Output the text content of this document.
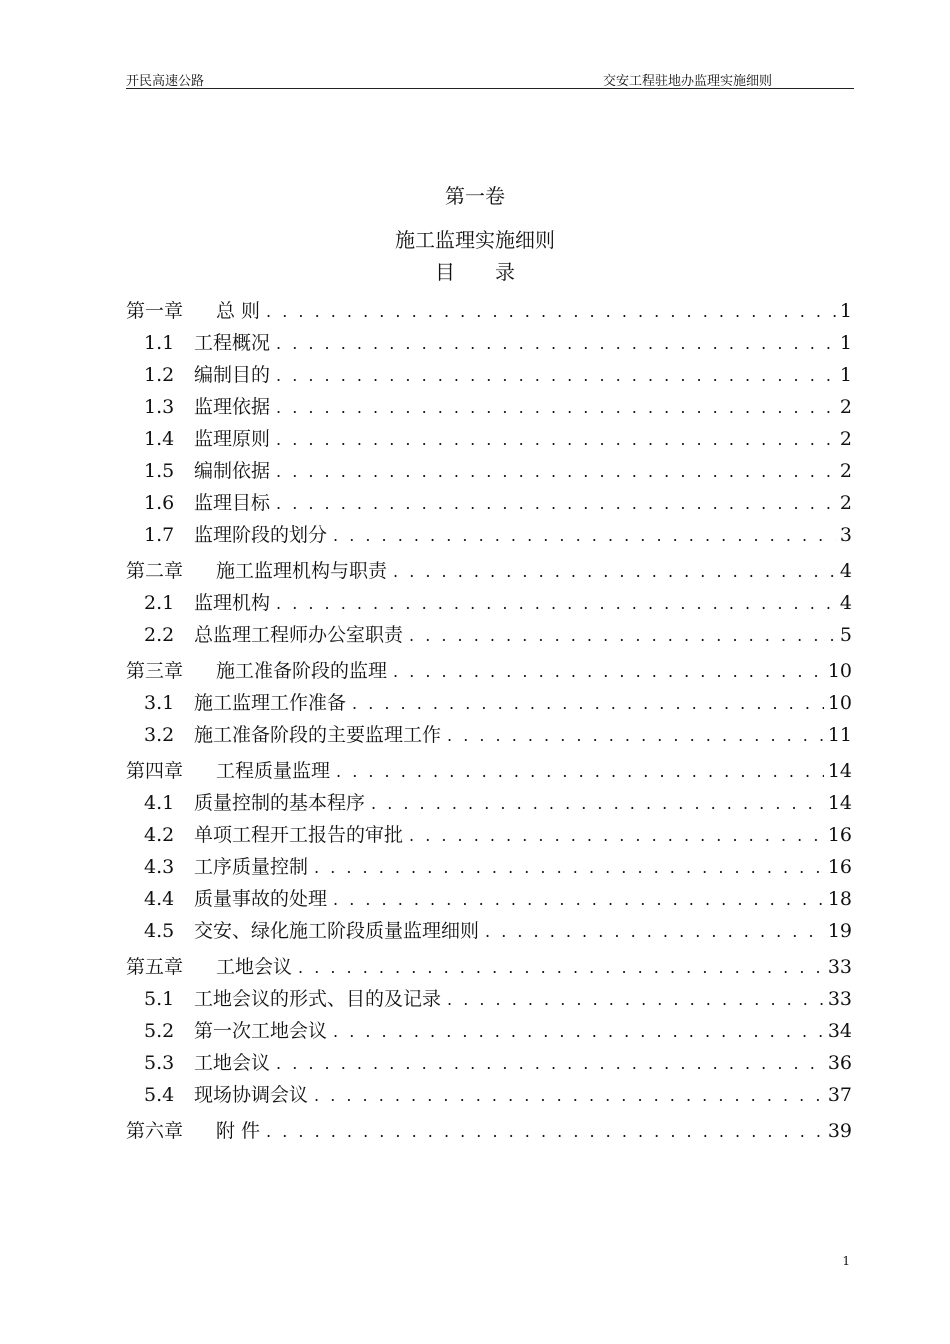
开民高速公路	交安工程驻地办监理实施细则
第一卷
施工监理实施细则
目　　录
第一章 总 则 . . .	1
1.1 工程概况 . . .	1
1.2 编制目的 . . .	1
1.3 监理依据 . . .	2
1.4 监理原则 . . .	2
1.5 编制依据 . . .	2
1.6 监理目标 . . .	2
1.7 监理阶段的划分 . . .	3
第二章 施工监理机构与职责 . . .	4
2.1 监理机构 . . .	4
2.2 总监理工程师办公室职责 . . .	5
第三章 施工准备阶段的监理 . . .	10
3.1 施工监理工作准备 . . .	10
3.2 施工准备阶段的主要监理工作 . . .	11
第四章 工程质量监理 . . .	14
4.1 质量控制的基本程序 . . .	14
4.2 单项工程开工报告的审批 . . .	16
4.3 工序质量控制 . . .	16
4.4 质量事故的处理 . . .	18
4.5 交安、绿化施工阶段质量监理细则 . . .	19
第五章 工地会议 . . .	33
5.1 工地会议的形式、目的及记录 . . .	33
5.2 第一次工地会议 . . .	34
5.3 工地会议 . . .	36
5.4 现场协调会议 . . .	37
第六章 附 件 . . .	39
1
